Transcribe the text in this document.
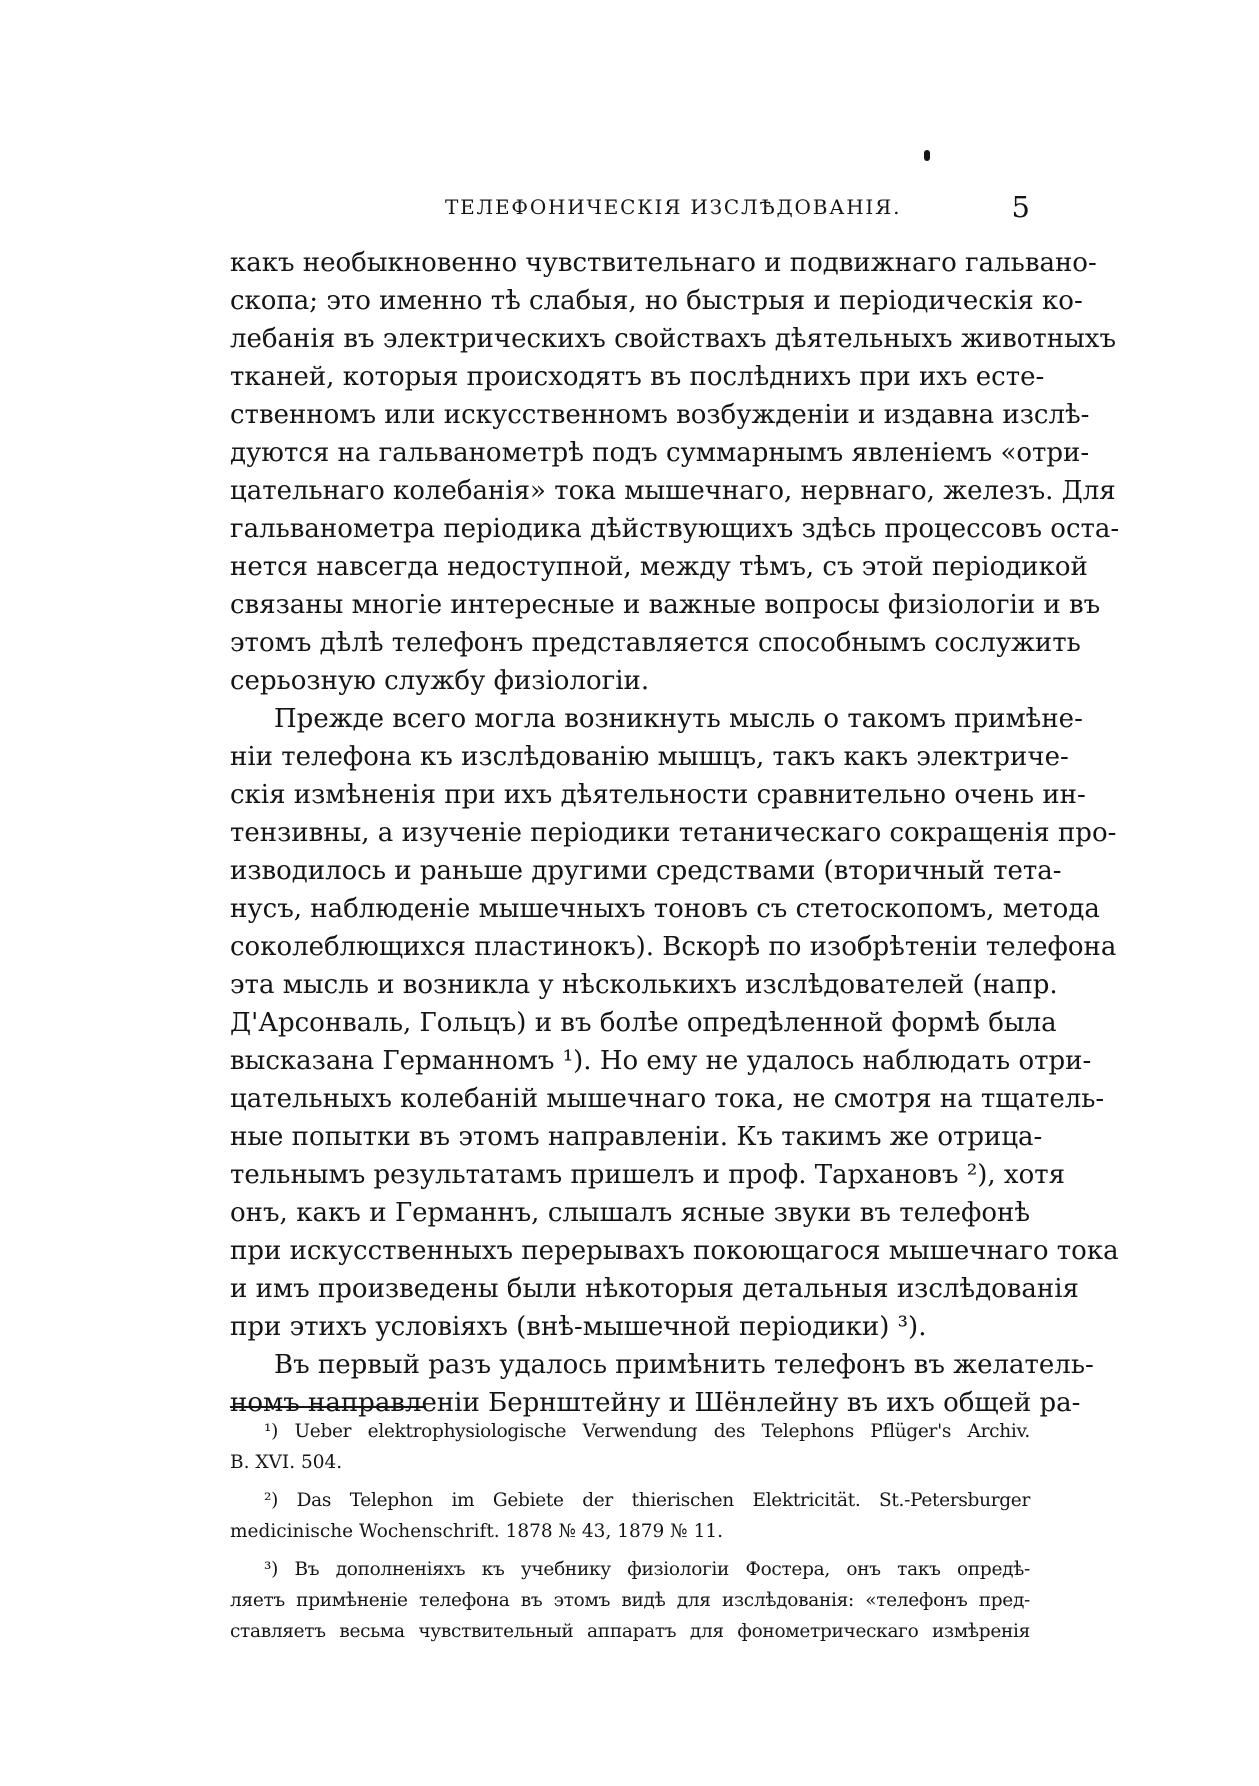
ТЕЛЕФОНИЧЕСКІЯ ИЗСЛѢДОВАНІЯ.	5
какъ необыкновенно чувствительнаго и подвижнаго гальвано-
скопа; это именно тѣ слабыя, но быстрыя и періодическія ко-
лебанія въ электрическихъ свойствахъ дѣятельныхъ животныхъ
тканей, которыя происходятъ въ послѣднихъ при ихъ есте-
ственномъ или искусственномъ возбужденіи и издавна изслѣ-
дуются на гальванометрѣ подъ суммарнымъ явленіемъ «отри-
цательнаго колебанія» тока мышечнаго, нервнаго, железъ. Для
гальванометра періодика дѣйствующихъ здѣсь процессовъ оста-
нется навсегда недоступной, между тѣмъ, съ этой періодикой
связаны многіе интересные и важные вопросы физіологіи и въ
этомъ дѣлѣ телефонъ представляется способнымъ сослужить
серьозную службу физіологіи.
Прежде всего могла возникнуть мысль о такомъ примѣне-
ніи телефона къ изслѣдованію мышцъ, такъ какъ электриче-
скія измѣненія при ихъ дѣятельности сравнительно очень ин-
тензивны, а изученіе періодики тетаническаго сокращенія про-
изводилось и раньше другими средствами (вторичный тета-
нусъ, наблюденіе мышечныхъ тоновъ съ стетоскопомъ, метода
соколеблющихся пластинокъ). Вскорѣ по изобрѣтеніи телефона
эта мысль и возникла у нѣсколькихъ изслѣдователей (напр.
Д'Арсонваль, Гольцъ) и въ болѣе опредѣленной формѣ была
высказана Германномъ ¹). Но ему не удалось наблюдать отри-
цательныхъ колебаній мышечнаго тока, не смотря на тщатель-
ные попытки въ этомъ направленіи. Къ такимъ же отрица-
тельнымъ результатамъ пришелъ и проф. Тархановъ ²), хотя
онъ, какъ и Германнъ, слышалъ ясные звуки въ телефонѣ
при искусственныхъ перерывахъ покоющагося мышечнаго тока
и имъ произведены были нѣкоторыя детальныя изслѣдованія
при этихъ условіяхъ (внѣ-мышечной періодики) ³).
Въ первый разъ удалось примѣнить телефонъ въ желатель-
номъ направленіи Бернштейну и Шёнлейну въ ихъ общей ра-
¹) Ueber elektrophysiologische Verwendung des Telephons Pflüger's Archiv.
B. XVI. 504.
²) Das Telephon im Gebiete der thierischen Elektricität. St.-Petersburger
medicinische Wochenschrift. 1878 № 43, 1879 № 11.
³) Въ дополненіяхъ къ учебнику физіологіи Фостера, онъ такъ опредѣ-
ляетъ примѣненіе телефона въ этомъ видѣ для изслѣдованія: «телефонъ пред-
ставляетъ весьма чувствительный аппаратъ для фонометрическаго измѣренія
